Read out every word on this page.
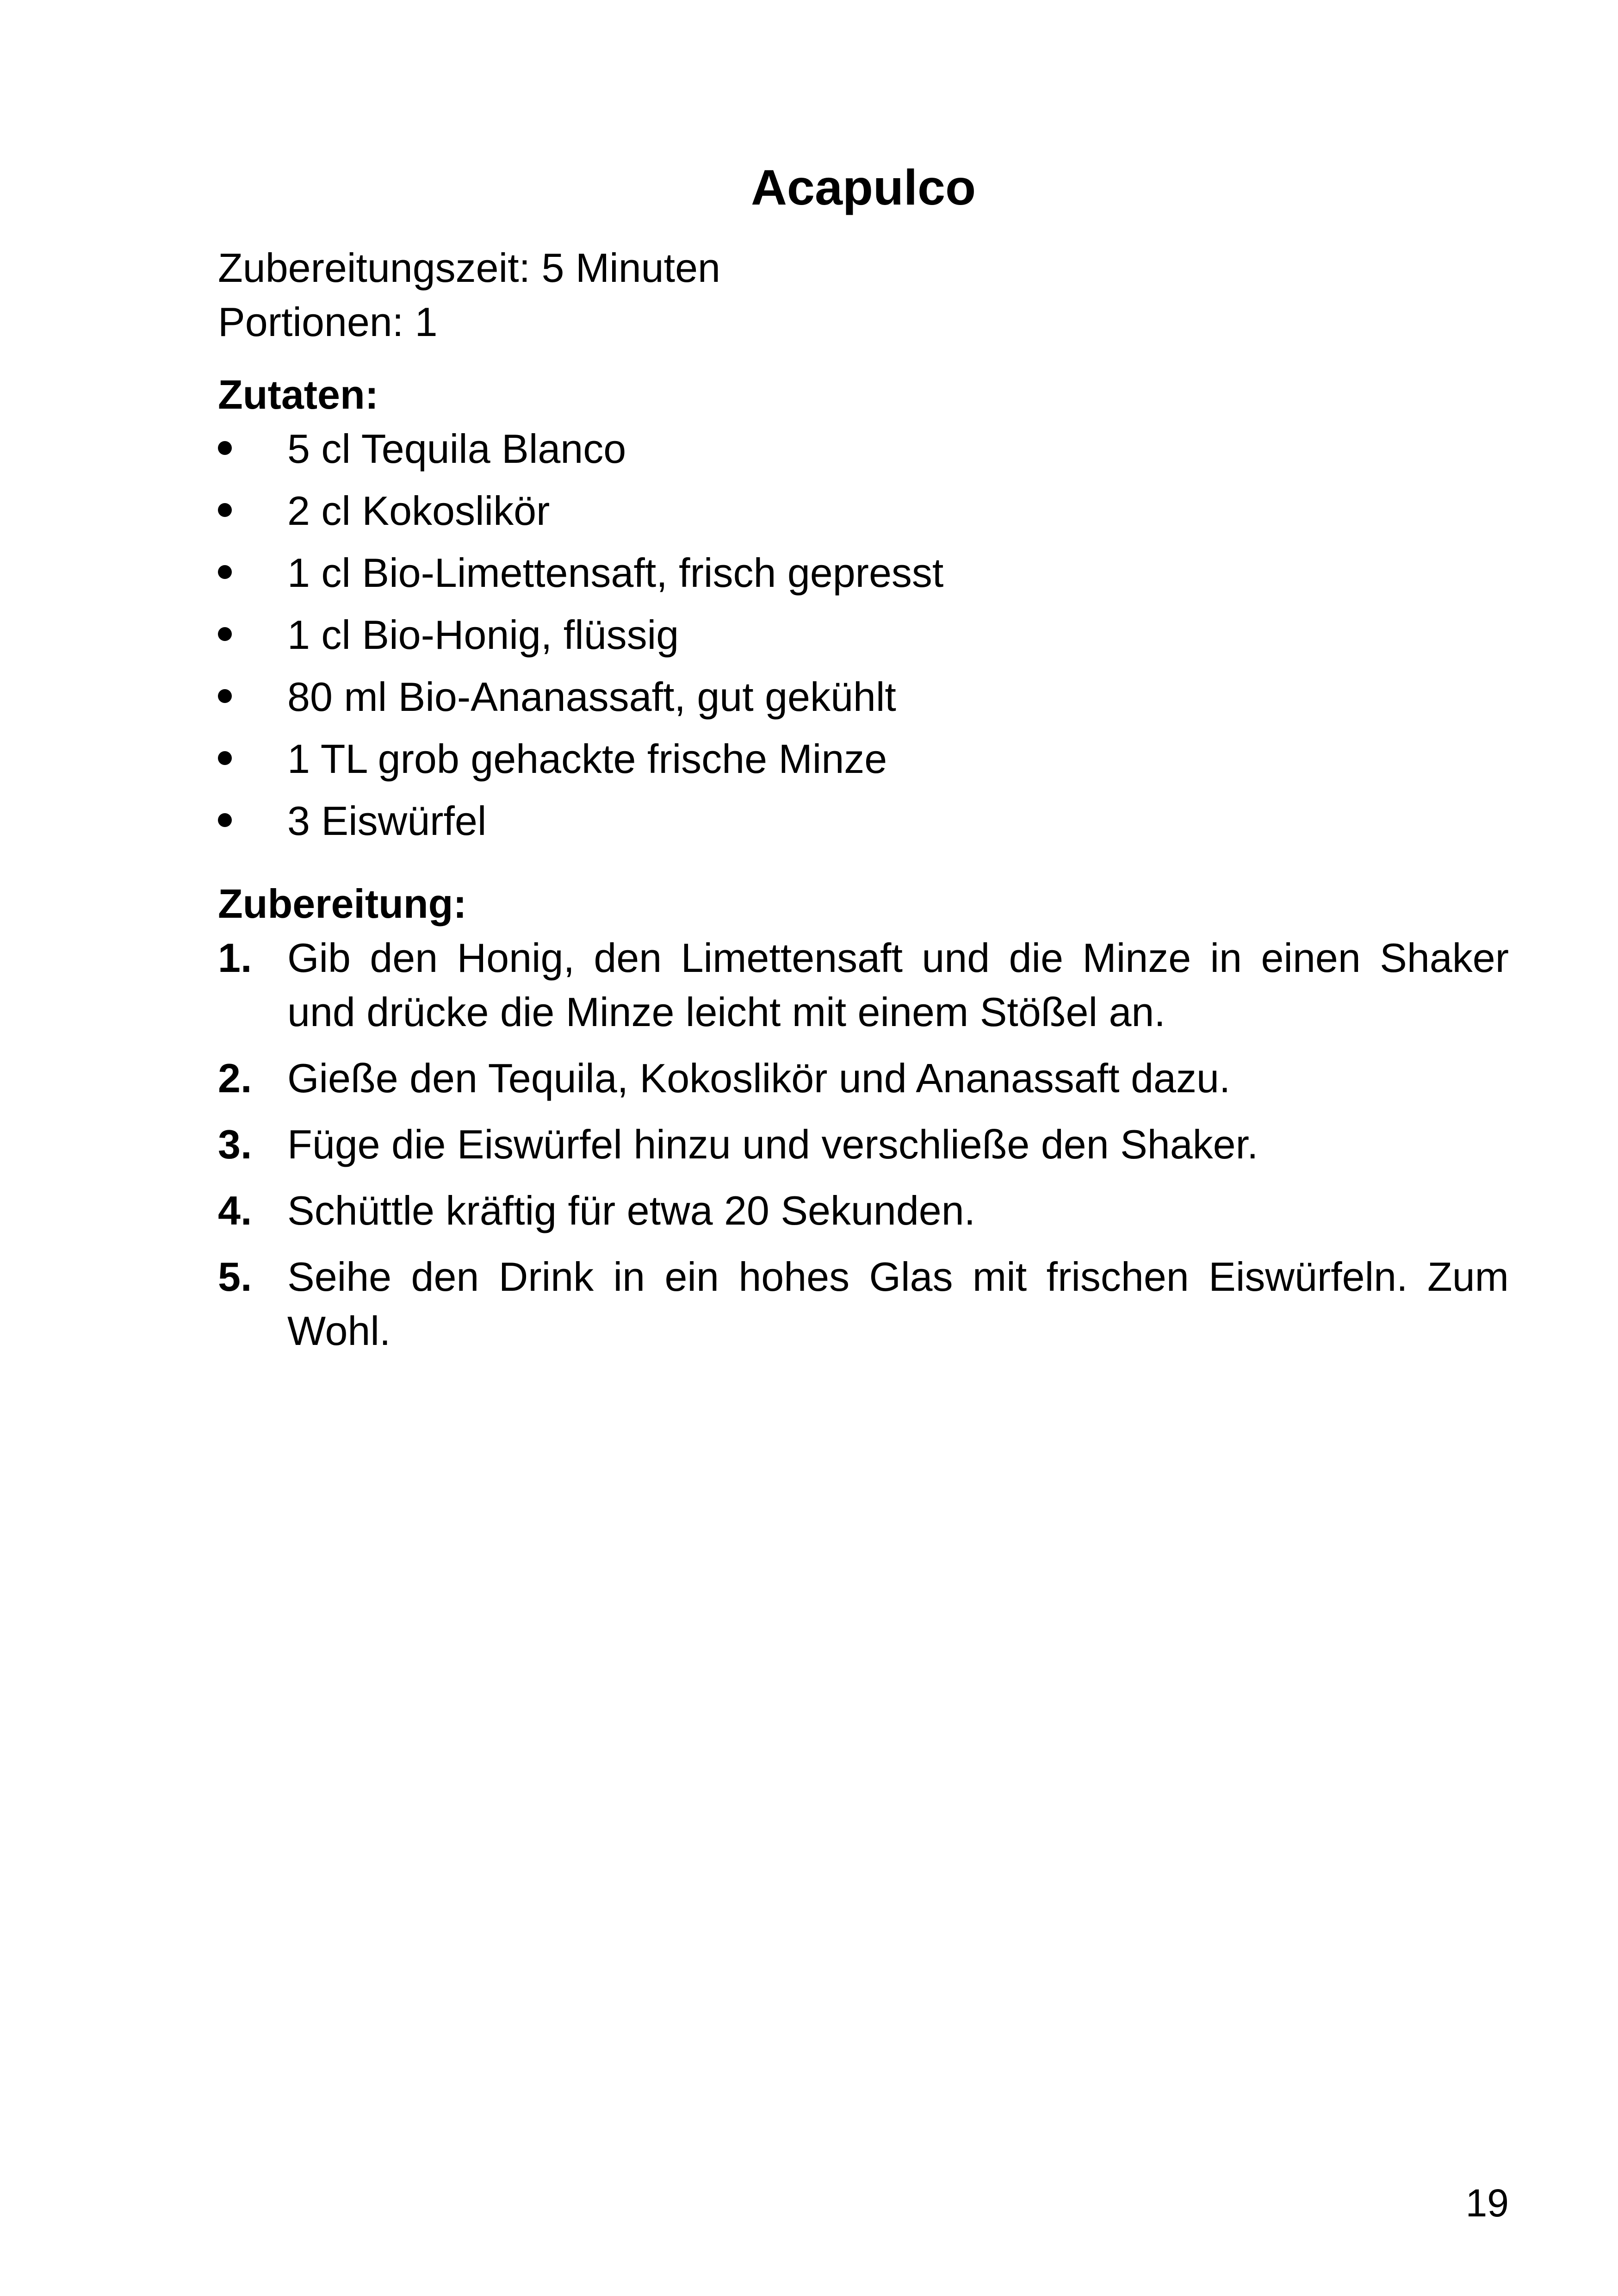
Acapulco

Zubereitungszeit: 5 Minuten

Portionen: 1

Zutaten:

5 cl Tequila Blanco
2 cl Kokoslikör
1 cl Bio-Limettensaft, frisch gepresst
1 cl Bio-Honig, flüssig
80 ml Bio-Ananassaft, gut gekühlt
1 TL grob gehackte frische Minze
3 Eiswürfel

Zubereitung:

1. Gib den Honig, den Limettensaft und die Minze in einen Shaker und drücke die Minze leicht mit einem Stößel an.
2. Gieße den Tequila, Kokoslikör und Ananassaft dazu.
3. Füge die Eiswürfel hinzu und verschließe den Shaker.
4. Schüttle kräftig für etwa 20 Sekunden.
5. Seihe den Drink in ein hohes Glas mit frischen Eiswürfeln. Zum Wohl.
19
